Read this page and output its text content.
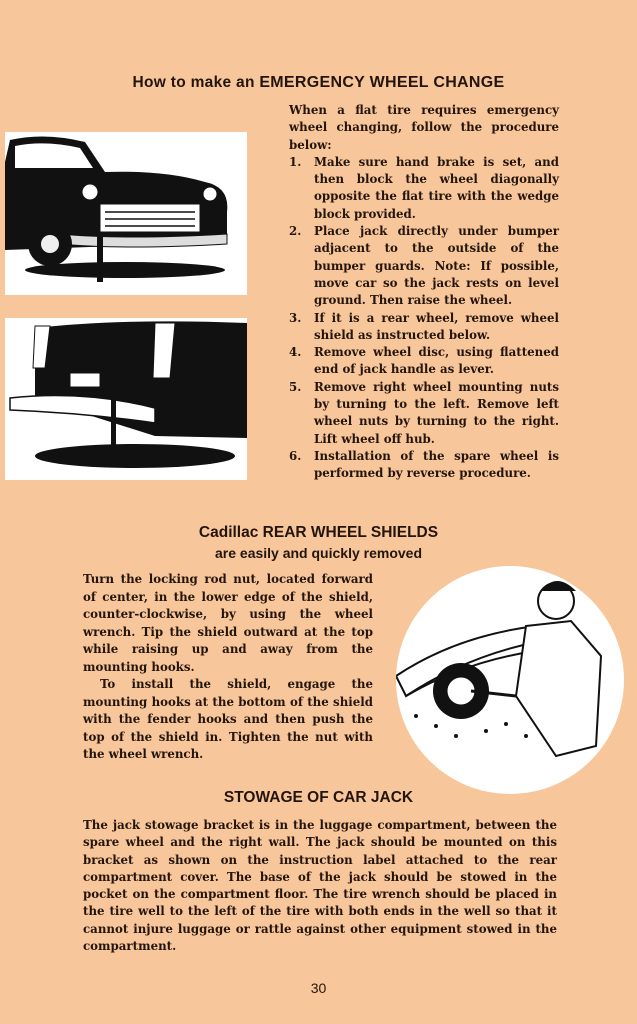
How to make an EMERGENCY WHEEL CHANGE
When a flat tire requires emergency wheel changing, follow the procedure below:
1.	Make sure hand brake is set, and then block the wheel diagonally opposite the flat tire with the wedge block provided.
2.	Place jack directly under bumper adjacent to the outside of the bumper guards. Note: If possible, move car so the jack rests on level ground. Then raise the wheel.
3.	If it is a rear wheel, remove wheel shield as instructed below.
4.	Remove wheel disc, using flattened end of jack handle as lever.
5.	Remove right wheel mounting nuts by turning to the left. Remove left wheel nuts by turning to the right. Lift wheel off hub.
6.	Installation of the spare wheel is performed by reverse procedure.
Cadillac REAR WHEEL SHIELDS
are easily and quickly removed

Turn the locking rod nut, located forward of center, in the lower edge of the shield, counter-clockwise, by using the wheel wrench. Tip the shield outward at the top while raising up and away from the mounting hooks.

To install the shield, engage the mounting hooks at the bottom of the shield with the fender hooks and then push the top of the shield in. Tighten the nut with the wheel wrench.

STOWAGE OF CAR JACK
The jack stowage bracket is in the luggage compartment, between the spare wheel and the right wall. The jack should be mounted on this bracket as shown on the instruction label attached to the rear compartment cover. The base of the jack should be stowed in the pocket on the compartment floor. The tire wrench should be placed in the tire well to the left of the tire with both ends in the well so that it cannot injure luggage or rattle against other equipment stowed in the compartment.
30
